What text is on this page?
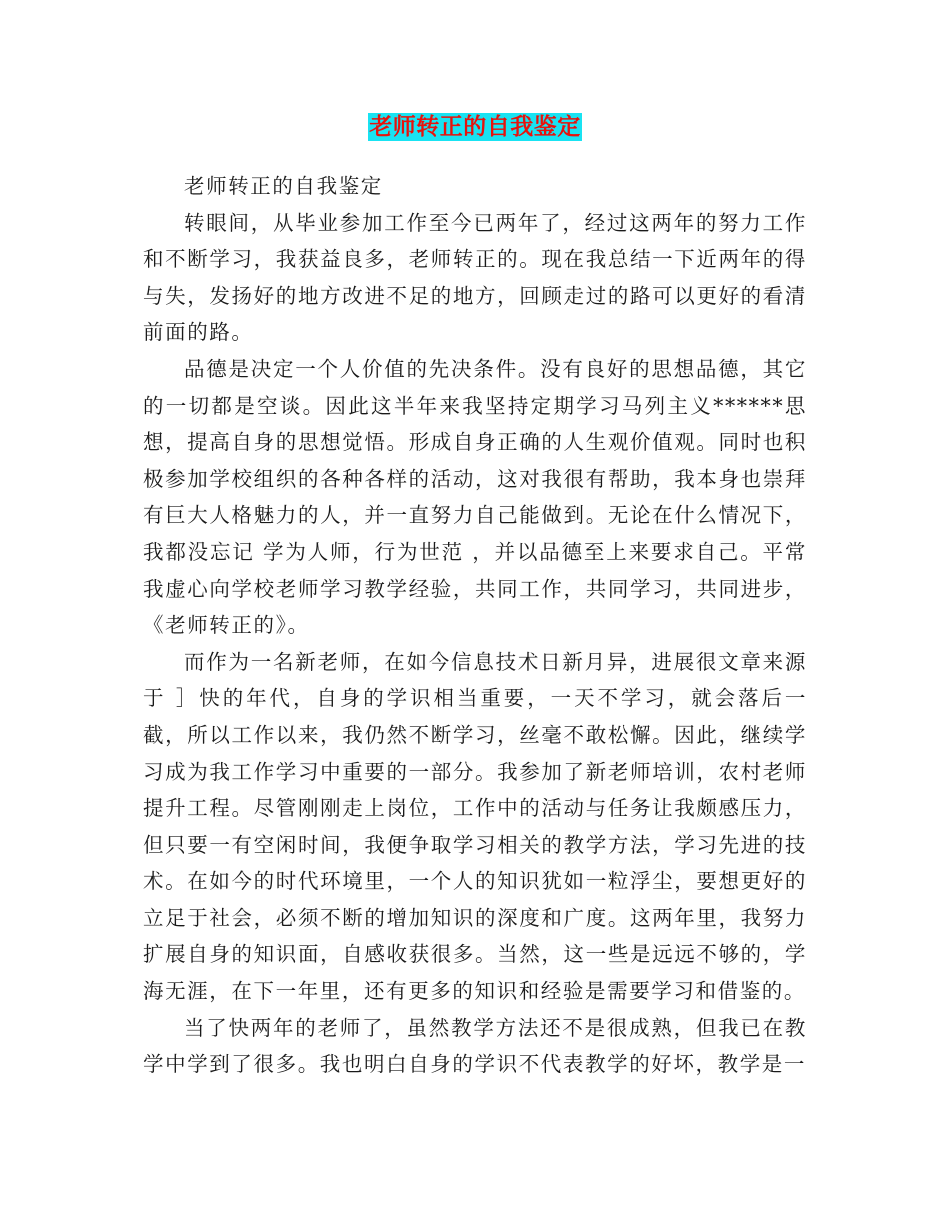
老师转正的自我鉴定

老师转正的自我鉴定

转眼间，从毕业参加工作至今已两年了，经过这两年的努力工作和不断学习，我获益良多，老师转正的。现在我总结一下近两年的得与失，发扬好的地方改进不足的地方，回顾走过的路可以更好的看清前面的路。

品德是决定一个人价值的先决条件。没有良好的思想品德，其它的一切都是空谈。因此这半年来我坚持定期学习马列主义******思想，提高自身的思想觉悟。形成自身正确的人生观价值观。同时也积极参加学校组织的各种各样的活动，这对我很有帮助，我本身也崇拜有巨大人格魅力的人，并一直努力自己能做到。无论在什么情况下，我都没忘记 学为人师，行为世范 ，并以品德至上来要求自己。平常我虚心向学校老师学习教学经验，共同工作，共同学习，共同进步，《老师转正的》。

而作为一名新老师，在如今信息技术日新月异，进展很文章来源于 ］快的年代，自身的学识相当重要，一天不学习，就会落后一截，所以工作以来，我仍然不断学习，丝毫不敢松懈。因此，继续学习成为我工作学习中重要的一部分。我参加了新老师培训，农村老师提升工程。尽管刚刚走上岗位，工作中的活动与任务让我颇感压力，但只要一有空闲时间，我便争取学习相关的教学方法，学习先进的技术。在如今的时代环境里，一个人的知识犹如一粒浮尘，要想更好的立足于社会，必须不断的增加知识的深度和广度。这两年里，我努力扩展自身的知识面，自感收获很多。当然，这一些是远远不够的，学海无涯，在下一年里，还有更多的知识和经验是需要学习和借鉴的。

当了快两年的老师了，虽然教学方法还不是很成熟，但我已在教学中学到了很多。我也明白自身的学识不代表教学的好坏，教学是一
